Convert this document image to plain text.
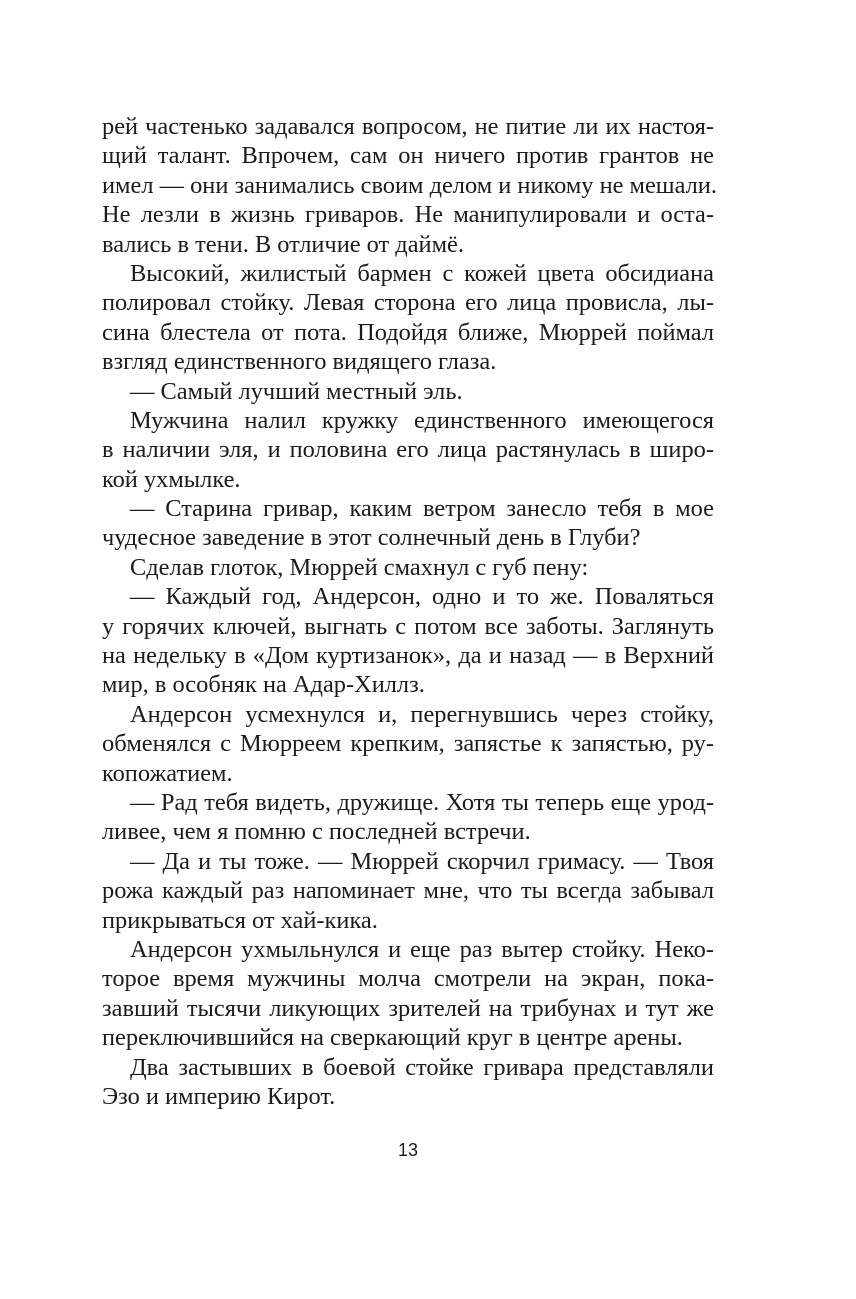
рей частенько задавался вопросом, не питие ли их настоя-
щий талант. Впрочем, сам он ничего против грантов не
имел — они занимались своим делом и никому не мешали.
Не лезли в жизнь гриваров. Не манипулировали и оста-
вались в тени. В отличие от даймё.
Высокий, жилистый бармен с кожей цвета обсидиана
полировал стойку. Левая сторона его лица провисла, лы-
сина блестела от пота. Подойдя ближе, Мюррей поймал
взгляд единственного видящего глаза.
— Самый лучший местный эль.
Мужчина налил кружку единственного имеющегося
в наличии эля, и половина его лица растянулась в широ-
кой ухмылке.
— Старина гривар, каким ветром занесло тебя в мое
чудесное заведение в этот солнечный день в Глуби?
Сделав глоток, Мюррей смахнул с губ пену:
— Каждый год, Андерсон, одно и то же. Поваляться
у горячих ключей, выгнать с потом все заботы. Заглянуть
на недельку в «Дом куртизанок», да и назад — в Верхний
мир, в особняк на Адар-Хиллз.
Андерсон усмехнулся и, перегнувшись через стойку,
обменялся с Мюрреем крепким, запястье к запястью, ру-
копожатием.
— Рад тебя видеть, дружище. Хотя ты теперь еще урод-
ливее, чем я помню с последней встречи.
— Да и ты тоже. — Мюррей скорчил гримасу. — Твоя
рожа каждый раз напоминает мне, что ты всегда забывал
прикрываться от хай-кика.
Андерсон ухмыльнулся и еще раз вытер стойку. Неко-
торое время мужчины молча смотрели на экран, пока-
завший тысячи ликующих зрителей на трибунах и тут же
переключившийся на сверкающий круг в центре арены.
Два застывших в боевой стойке гривара представляли
Эзо и империю Кирот.
13
